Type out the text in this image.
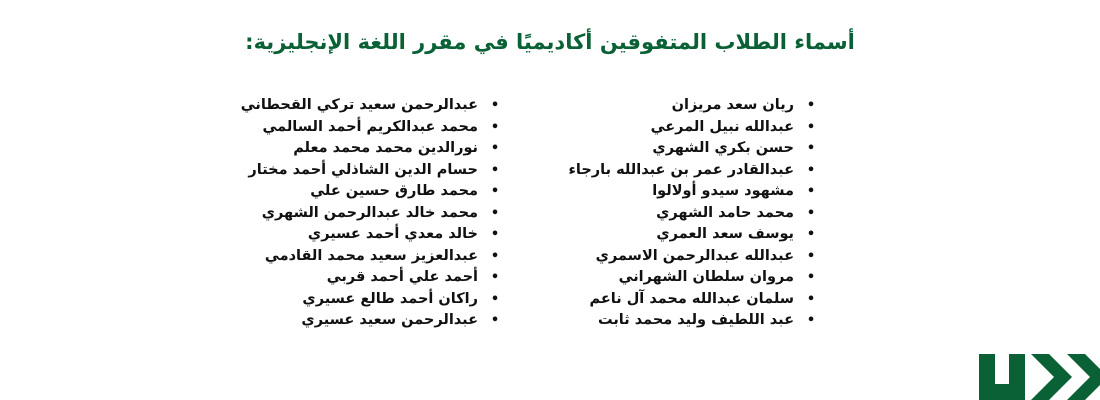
أسماء الطلاب المتفوقين أكاديميًا في مقرر اللغة الإنجليزية:
•
ريان سعد مريزان
•
عبدالله نبيل المرعي
•
حسن بكري الشهري
•
عبدالقادر عمر بن عبدالله بارجاء
•
مشهود سيدو أولالوا
•
محمد حامد الشهري
•
يوسف سعد العمري
•
عبدالله عبدالرحمن الاسمري
•
مروان سلطان الشهراني
•
سلمان عبدالله محمد آل ناعم
•
عبد اللطيف وليد محمد ثابت
•
عبدالرحمن سعيد تركي القحطاني
•
محمد عبدالكريم أحمد السالمي
•
نورالدين محمد محمد معلم
•
حسام الدين الشاذلي أحمد مختار
•
محمد طارق حسين علي
•
محمد خالد عبدالرحمن الشهري
•
خالد معدي أحمد عسيري
•
عبدالعزيز سعيد محمد القادمي
•
أحمد علي أحمد قربي
•
راكان أحمد طالع عسيري
•
عبدالرحمن سعيد عسيري
